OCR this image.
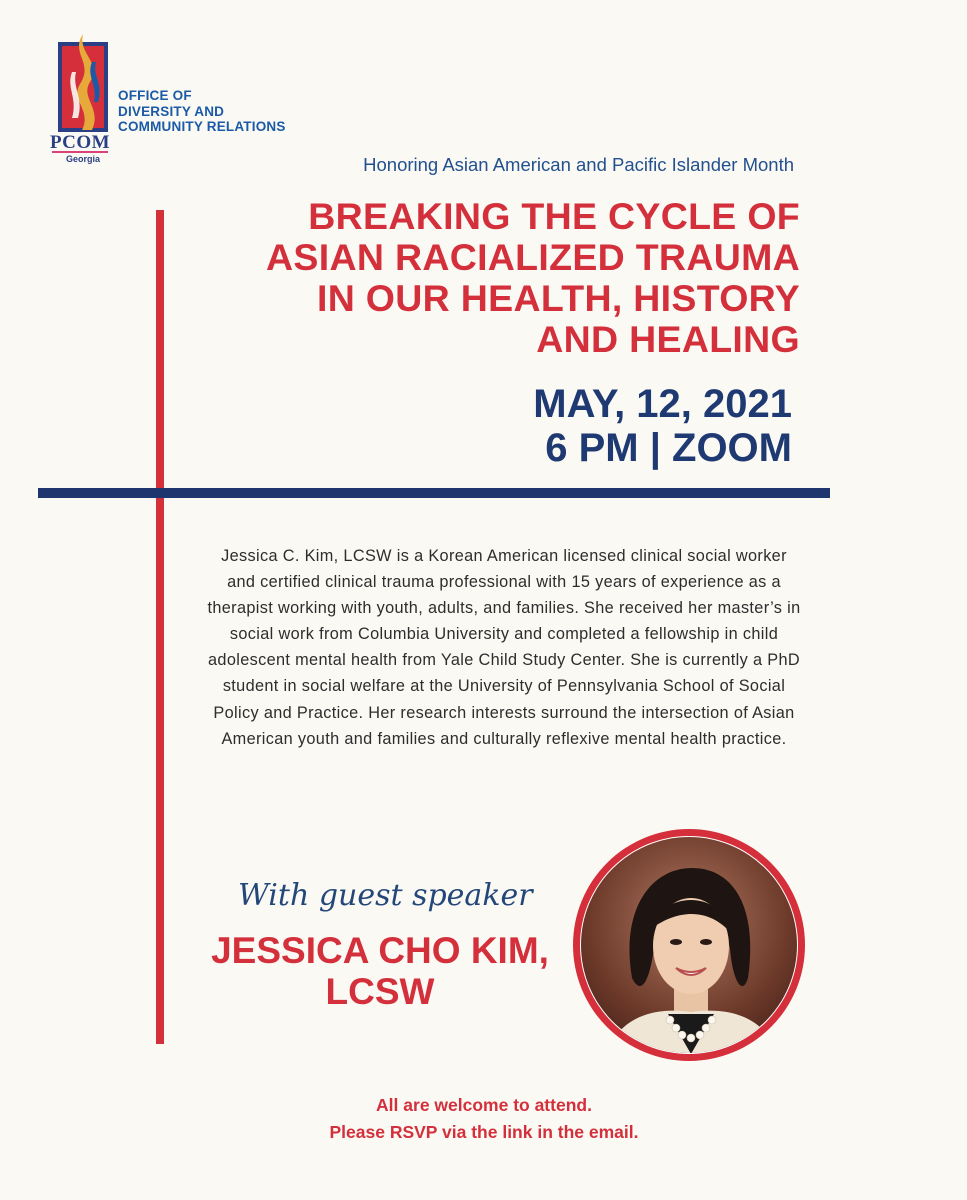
PCOM
Georgia
OFFICE OF
DIVERSITY AND
COMMUNITY RELATIONS
Honoring Asian American and Pacific Islander Month
BREAKING THE CYCLE OF
ASIAN RACIALIZED TRAUMA
IN OUR HEALTH, HISTORY
AND HEALING
MAY, 12, 2021
6 PM | ZOOM
Jessica C. Kim, LCSW is a Korean American licensed clinical social worker and certified clinical trauma professional with 15 years of experience as a therapist working with youth, adults, and families. She received her master’s in social work from Columbia University and completed a fellowship in child adolescent mental health from Yale Child Study Center. She is currently a PhD student in social welfare at the University of Pennsylvania School of Social Policy and Practice. Her research interests surround the intersection of Asian American youth and families and culturally reflexive mental health practice.
With guest speaker
JESSICA CHO KIM,
LCSW
All are welcome to attend.
Please RSVP via the link in the email.
